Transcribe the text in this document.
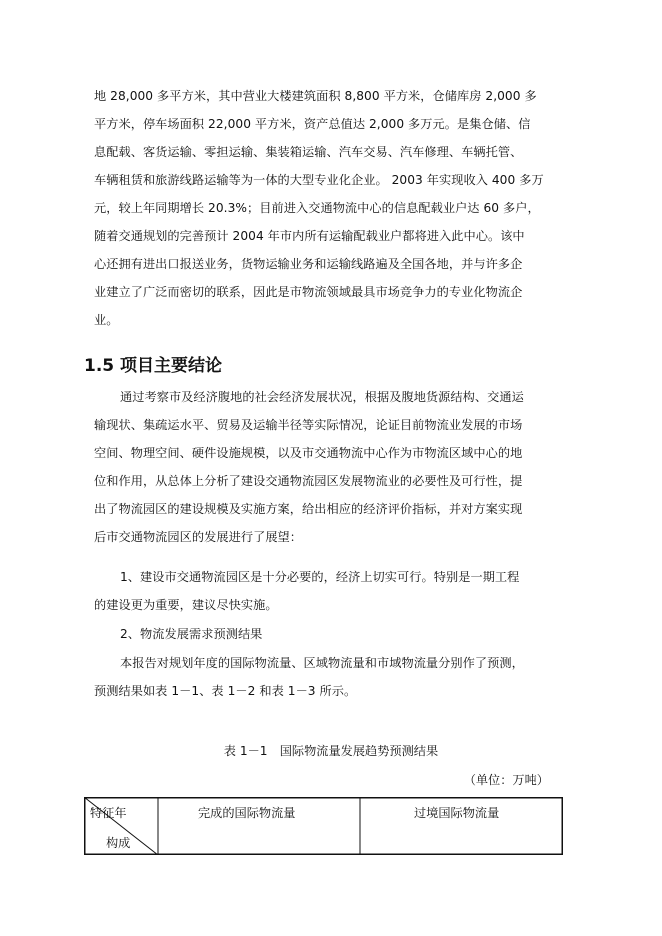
地 28,000 多平方米，其中营业大楼建筑面积 8,800 平方米，仓储库房 2,000 多
平方米，停车场面积 22,000 平方米，资产总值达 2,000 多万元。是集仓储、信
息配载、客货运输、零担运输、集装箱运输、汽车交易、汽车修理、车辆托管、
车辆租赁和旅游线路运输等为一体的大型专业化企业。 2003 年实现收入 400 多万
元，较上年同期增长 20.3%；目前进入交通物流中心的信息配载业户达 60 多户，
随着交通规划的完善预计 2004 年市内所有运输配载业户都将进入此中心。该中
心还拥有进出口报送业务，货物运输业务和运输线路遍及全国各地，并与许多企
业建立了广泛而密切的联系，因此是市物流领域最具市场竞争力的专业化物流企
业。
1.5 项目主要结论
通过考察市及经济腹地的社会经济发展状况，根据及腹地货源结构、交通运
输现状、集疏运水平、贸易及运输半径等实际情况，论证目前物流业发展的市场
空间、物理空间、硬件设施规模，以及市交通物流中心作为市物流区域中心的地
位和作用，从总体上分析了建设交通物流园区发展物流业的必要性及可行性，提
出了物流园区的建设规模及实施方案，给出相应的经济评价指标，并对方案实现
后市交通物流园区的发展进行了展望：
1、建设市交通物流园区是十分必要的，经济上切实可行。特别是一期工程
的建设更为重要，建议尽快实施。
2、物流发展需求预测结果
本报告对规划年度的国际物流量、区域物流量和市域物流量分别作了预测，
预测结果如表 1－1、表 1－2 和表 1－3 所示。
表 1－1　国际物流量发展趋势预测结果
（单位：万吨）
特征年
构成
完成的国际物流量	过境国际物流量
